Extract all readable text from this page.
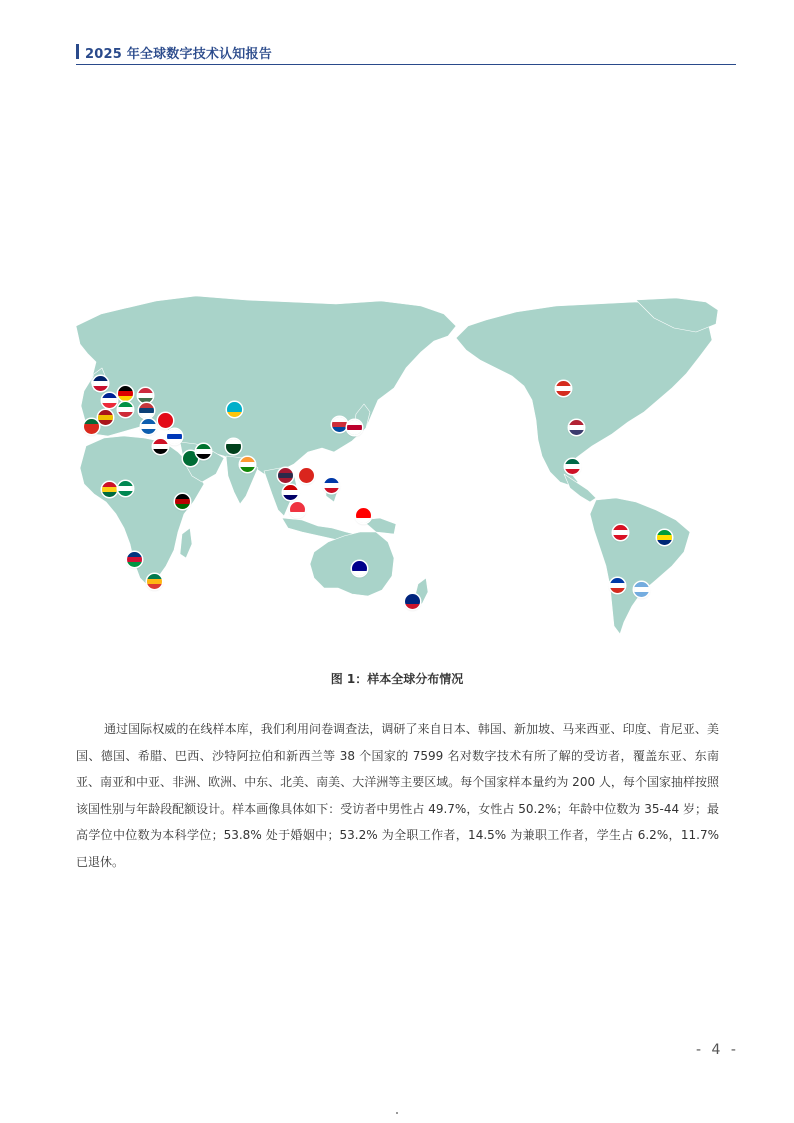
2025 年全球数字技术认知报告
图 1：样本全球分布情况

通过国际权威的在线样本库，我们利用问卷调查法，调研了来自日本、韩国、新加坡、马来西亚、印度、肯尼亚、美国、德国、希腊、巴西、沙特阿拉伯和新西兰等 38 个国家的 7599 名对数字技术有所了解的受访者，覆盖东亚、东南亚、南亚和中亚、非洲、欧洲、中东、北美、南美、大洋洲等主要区域。每个国家样本量约为 200 人，每个国家抽样按照该国性别与年龄段配额设计。样本画像具体如下：受访者中男性占 49.7%，女性占 50.2%；年龄中位数为 35-44 岁；最高学位中位数为本科学位；53.8% 处于婚姻中；53.2% 为全职工作者，14.5% 为兼职工作者，学生占 6.2%，11.7% 已退休。

- 4 -
